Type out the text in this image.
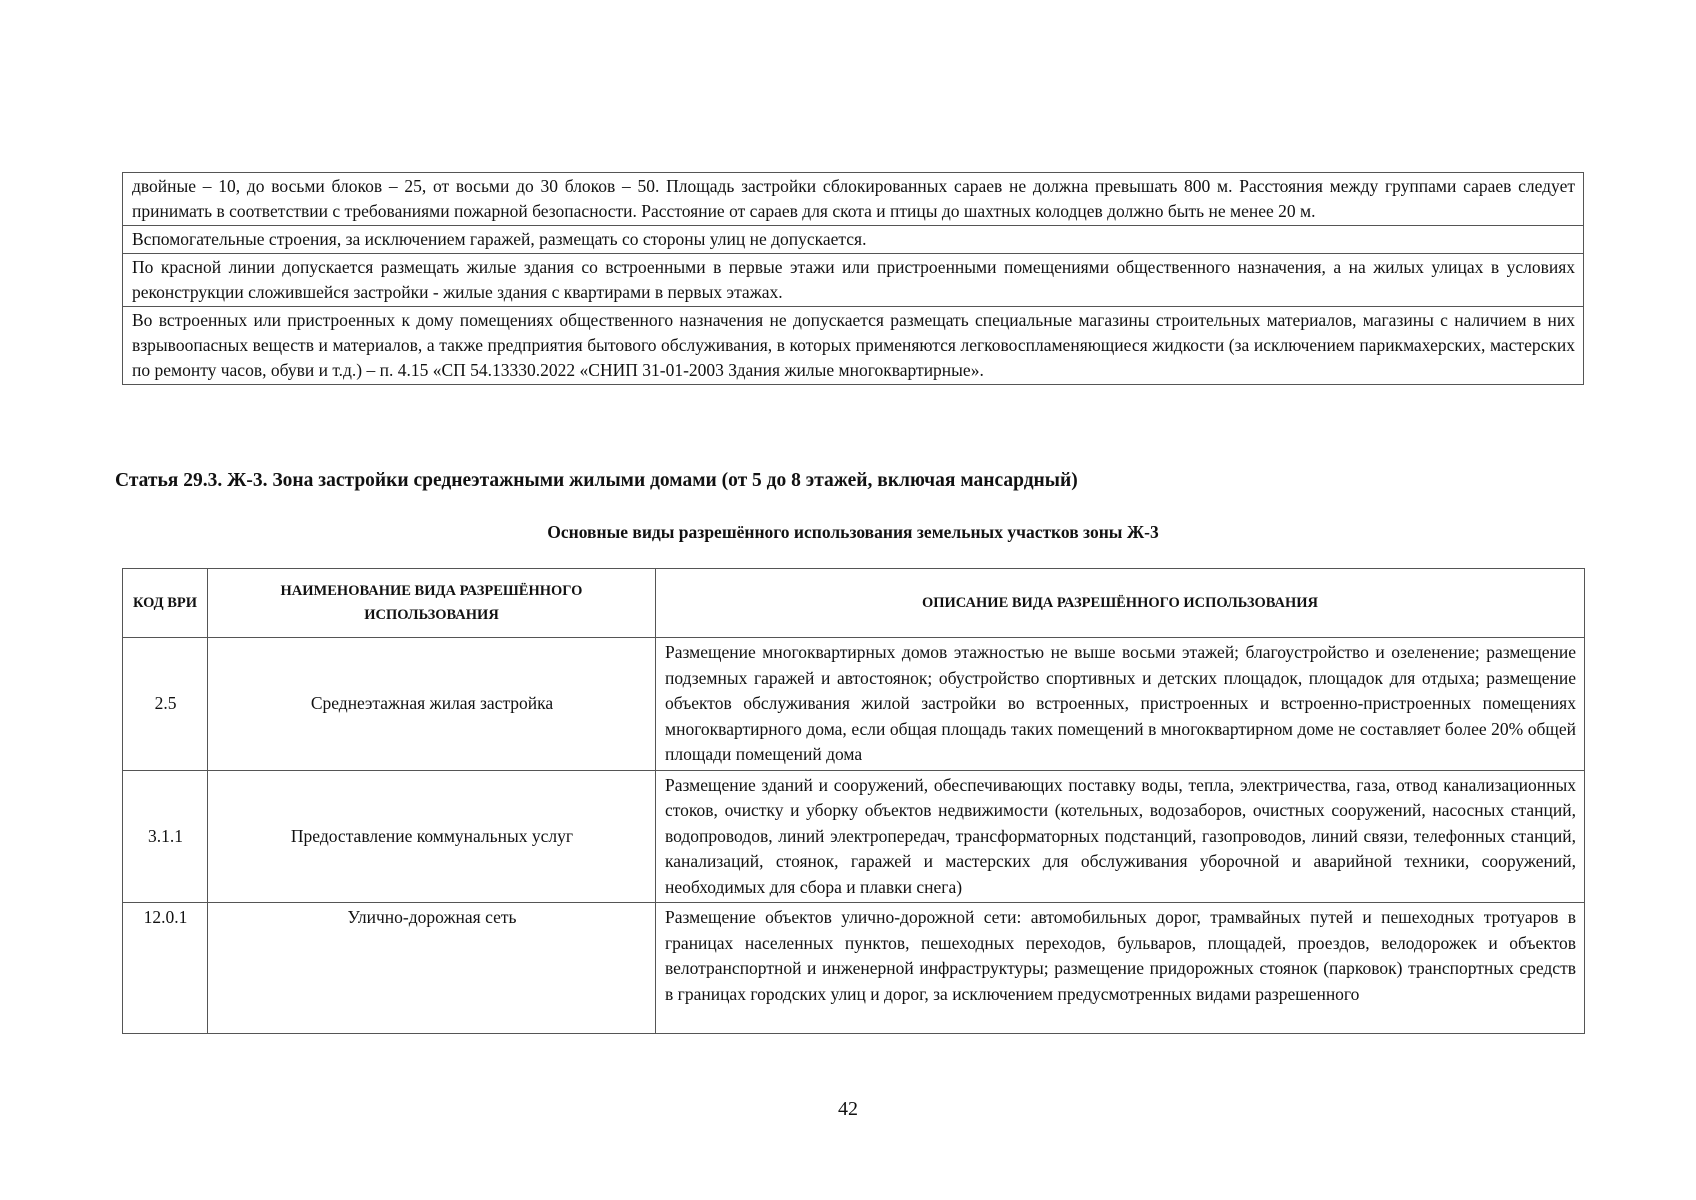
двойные – 10, до восьми блоков – 25, от восьми до 30 блоков – 50. Площадь застройки сблокированных сараев не должна превышать 800 м. Расстояния между группами сараев следует принимать в соответствии с требованиями пожарной безопасности. Расстояние от сараев для скота и птицы до шахтных колодцев должно быть не менее 20 м.
Вспомогательные строения, за исключением гаражей, размещать со стороны улиц не допускается.
По красной линии допускается размещать жилые здания со встроенными в первые этажи или пристроенными помещениями общественного назначения, а на жилых улицах в условиях реконструкции сложившейся застройки - жилые здания с квартирами в первых этажах.
Во встроенных или пристроенных к дому помещениях общественного назначения не допускается размещать специальные магазины строительных материалов, магазины с наличием в них взрывоопасных веществ и материалов, а также предприятия бытового обслуживания, в которых применяются легковоспламеняющиеся жидкости (за исключением парикмахерских, мастерских по ремонту часов, обуви и т.д.) – п. 4.15 «СП 54.13330.2022 «СНИП 31-01-2003 Здания жилые многоквартирные».
Статья 29.3. Ж-3. Зона застройки среднеэтажными жилыми домами (от 5 до 8 этажей, включая мансардный)

Основные виды разрешённого использования земельных участков зоны Ж-3

КОД ВРИ	НАИМЕНОВАНИЕ ВИДА РАЗРЕШЁННОГО ИСПОЛЬЗОВАНИЯ	ОПИСАНИЕ ВИДА РАЗРЕШЁННОГО ИСПОЛЬЗОВАНИЯ
2.5	Среднеэтажная жилая застройка	Размещение многоквартирных домов этажностью не выше восьми этажей; благоустройство и озеленение; размещение подземных гаражей и автостоянок; обустройство спортивных и детских площадок, площадок для отдыха; размещение объектов обслуживания жилой застройки во встроенных, пристроенных и встроенно-пристроенных помещениях многоквартирного дома, если общая площадь таких помещений в многоквартирном доме не составляет более 20% общей площади помещений дома
3.1.1	Предоставление коммунальных услуг	Размещение зданий и сооружений, обеспечивающих поставку воды, тепла, электричества, газа, отвод канализационных стоков, очистку и уборку объектов недвижимости (котельных, водозаборов, очистных сооружений, насосных станций, водопроводов, линий электропередач, трансформаторных подстанций, газопроводов, линий связи, телефонных станций, канализаций, стоянок, гаражей и мастерских для обслуживания уборочной и аварийной техники, сооружений, необходимых для сбора и плавки снега)
12.0.1	Улично-дорожная сеть	Размещение объектов улично-дорожной сети: автомобильных дорог, трамвайных путей и пешеходных тротуаров в границах населенных пунктов, пешеходных переходов, бульваров, площадей, проездов, велодорожек и объектов велотранспортной и инженерной инфраструктуры; размещение придорожных стоянок (парковок) транспортных средств в границах городских улиц и дорог, за исключением предусмотренных видами разрешенного
42
